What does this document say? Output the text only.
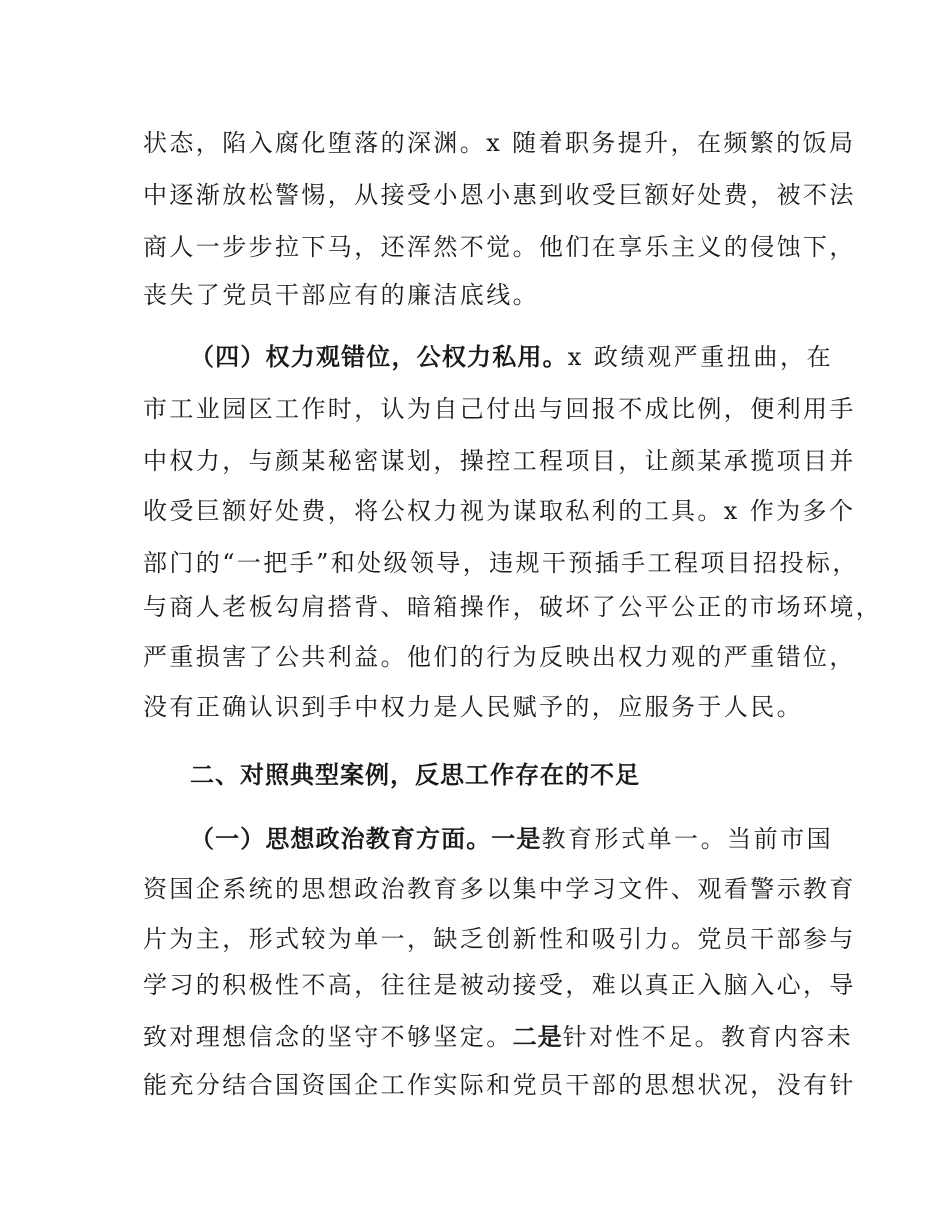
状态，陷入腐化堕落的深渊。x 随着职务提升，在频繁的饭局
中逐渐放松警惕，从接受小恩小惠到收受巨额好处费，被不法
商人一步步拉下马，还浑然不觉。他们在享乐主义的侵蚀下，
丧失了党员干部应有的廉洁底线。
（四）权力观错位，公权力私用。x 政绩观严重扭曲，在
市工业园区工作时，认为自己付出与回报不成比例，便利用手
中权力，与颜某秘密谋划，操控工程项目，让颜某承揽项目并
收受巨额好处费，将公权力视为谋取私利的工具。x 作为多个
部门的“一把手”和处级领导，违规干预插手工程项目招投标，
与商人老板勾肩搭背、暗箱操作，破坏了公平公正的市场环境，
严重损害了公共利益。他们的行为反映出权力观的严重错位，
没有正确认识到手中权力是人民赋予的，应服务于人民。
二、对照典型案例，反思工作存在的不足
（一）思想政治教育方面。一是教育形式单一。当前市国
资国企系统的思想政治教育多以集中学习文件、观看警示教育
片为主，形式较为单一，缺乏创新性和吸引力。党员干部参与
学习的积极性不高，往往是被动接受，难以真正入脑入心，导
致对理想信念的坚守不够坚定。二是针对性不足。教育内容未
能充分结合国资国企工作实际和党员干部的思想状况，没有针
